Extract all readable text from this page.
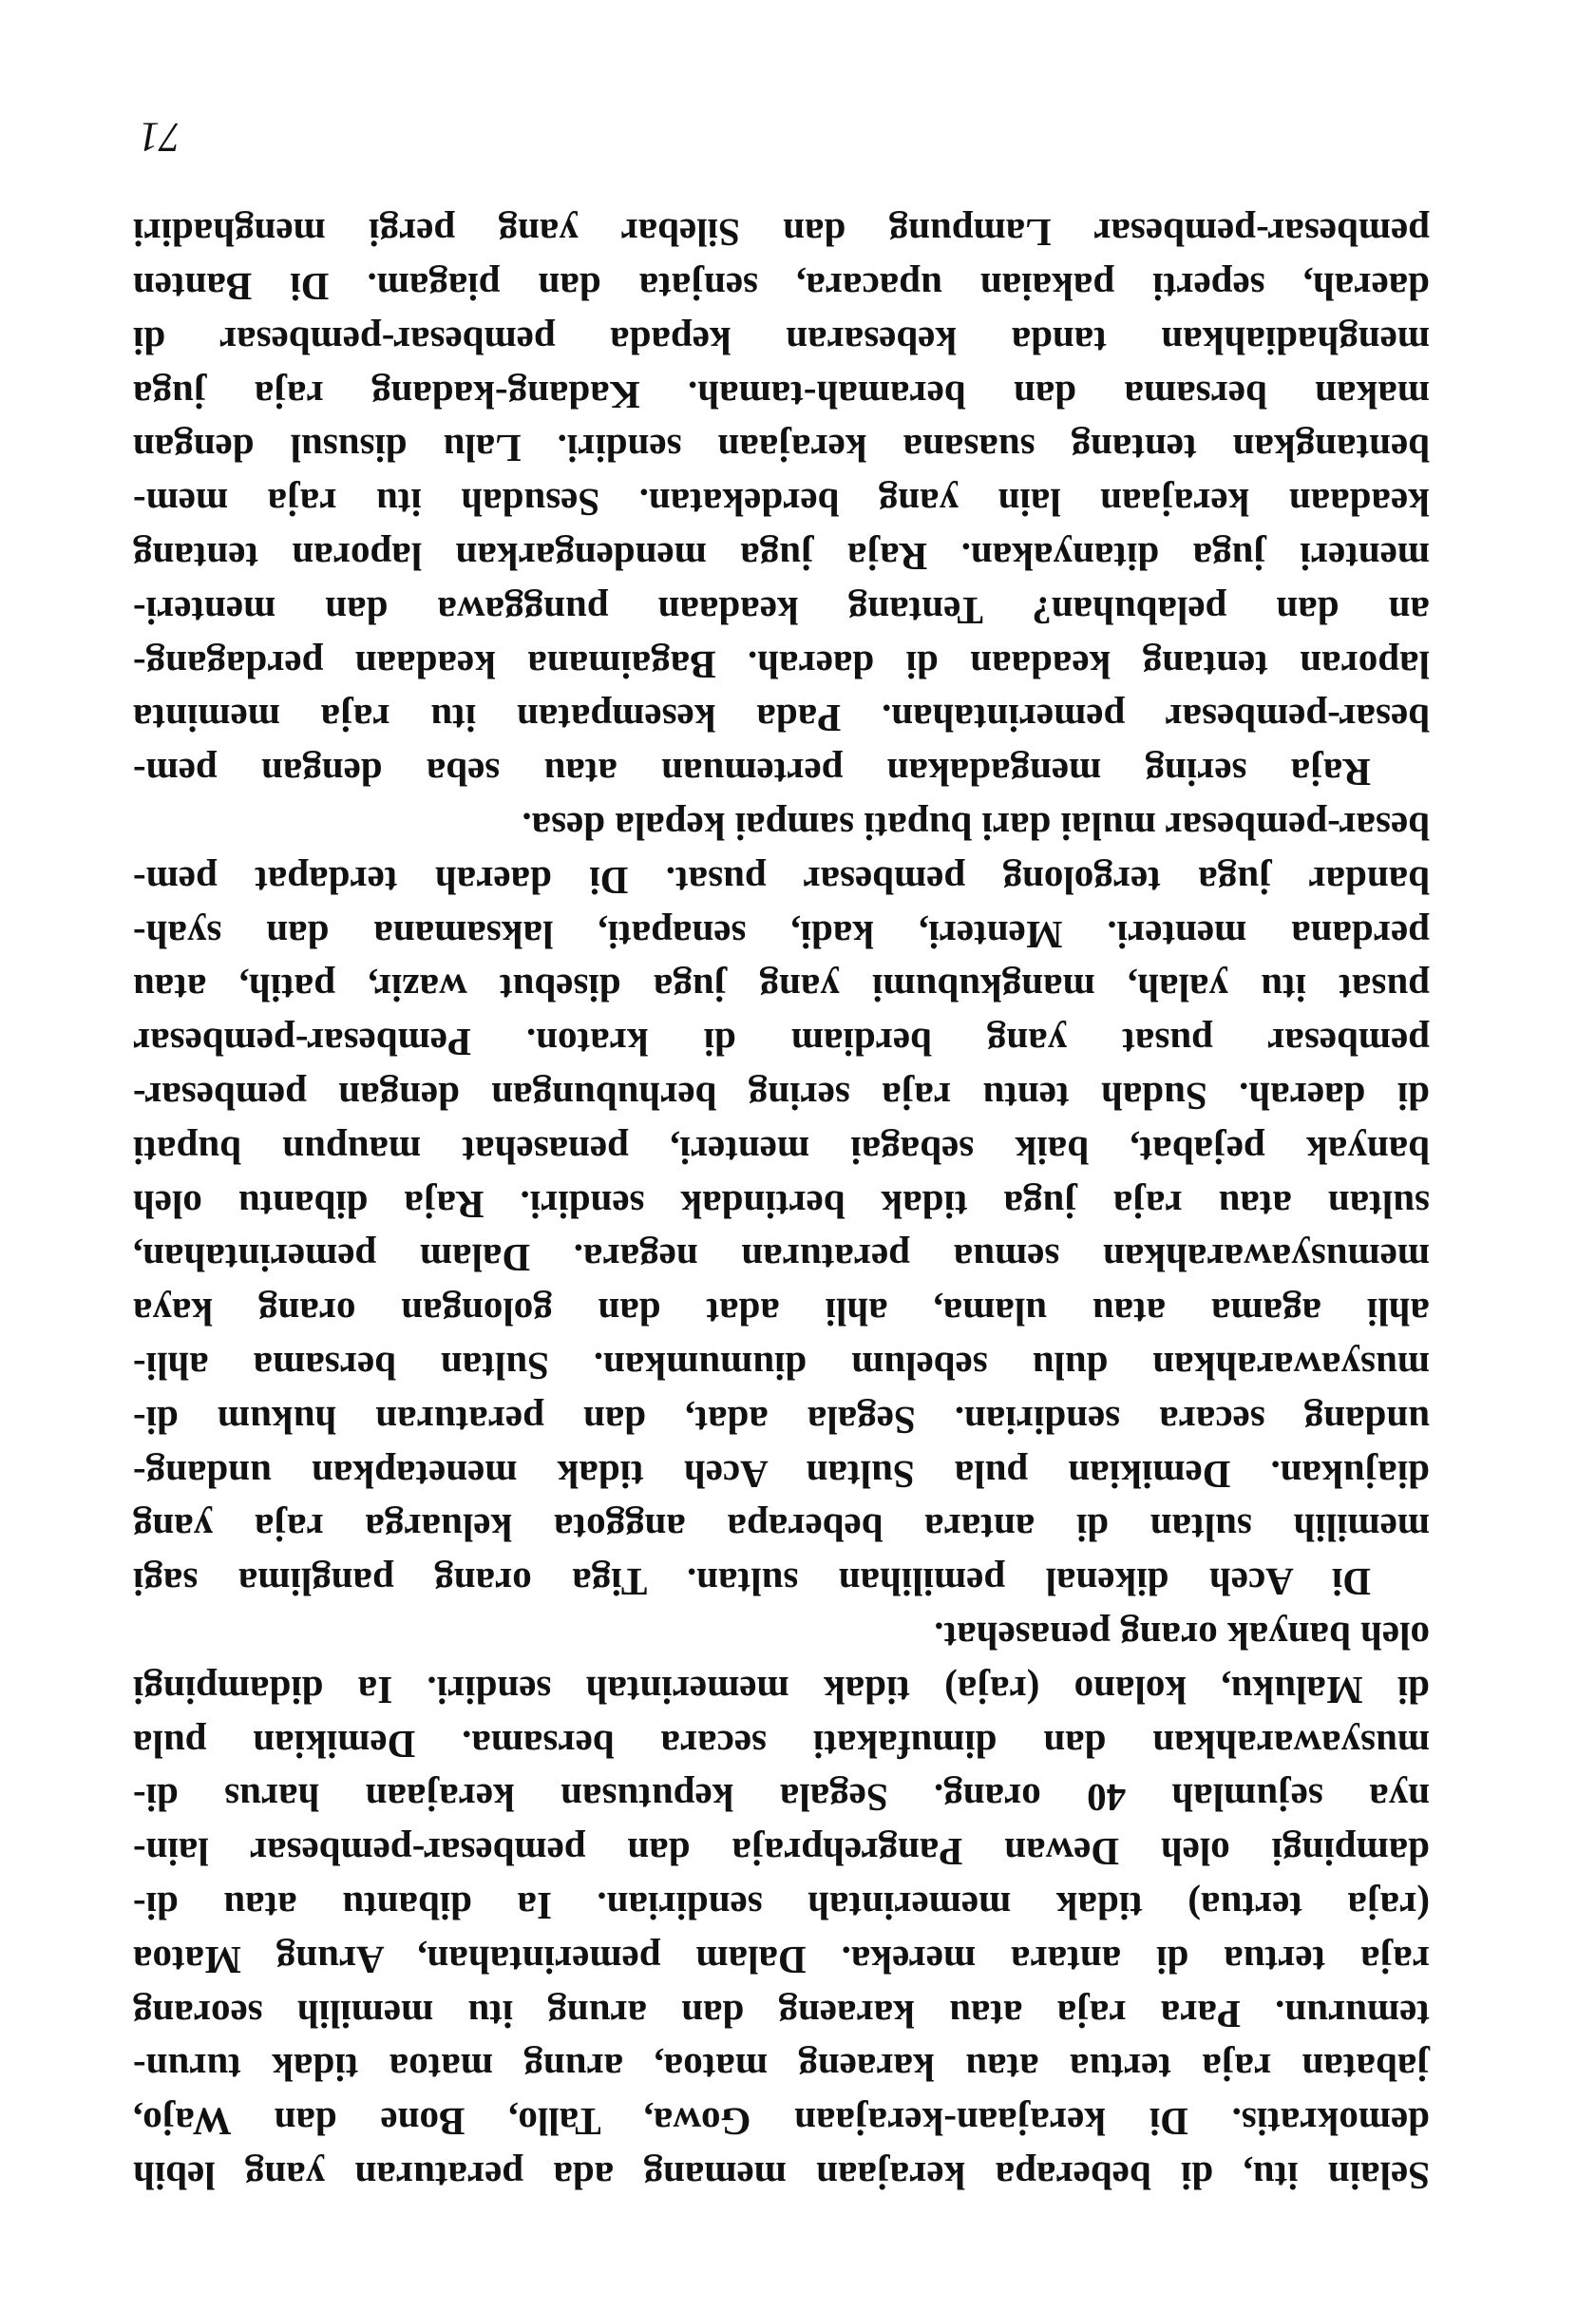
Selain itu, di beberapa kerajaan memang ada peraturan yang lebih
demokratis. Di kerajaan-kerajaan Gowa, Tallo, Bone dan Wajo,
jabatan raja tertua atau karaeng matoa, arung matoa tidak turun-
temurun. Para raja atau karaeng dan arung itu memilih seorang
raja tertua di antara mereka. Dalam pemerintahan, Arung Matoa
(raja tertua) tidak memerintah sendirian. Ia dibantu atau di-
dampingi oleh Dewan Pangrehpraja dan pembesar-pembesar lain-
nya sejumlah 40 orang. Segala keputusan kerajaan harus di-
musyawarahkan dan dimufakati secara bersama. Demikian pula
di Maluku, kolano (raja) tidak memerintah sendiri. Ia didampingi
oleh banyak orang penasehat.
Di Aceh dikenal pemilihan sultan. Tiga orang panglima sagi
memilih sultan di antara beberapa anggota keluarga raja yang
diajukan. Demikian pula Sultan Aceh tidak menetapkan undang-
undang secara sendirian. Segala adat, dan peraturan hukum di-
musyawarahkan dulu sebelum diumumkan. Sultan bersama ahli-
ahli agama atau ulama, ahli adat dan golongan orang kaya
memusyawarahkan semua peraturan negara. Dalam pemerintahan,
sultan atau raja juga tidak bertindak sendiri. Raja dibantu oleh
banyak pejabat, baik sebagai menteri, penasehat maupun bupati
di daerah. Sudah tentu raja sering berhubungan dengan pembesar-
pembesar pusat yang berdiam di kraton. Pembesar-pembesar
pusat itu yalah, mangkubumi yang juga disebut wazir, patih, atau
perdana menteri. Menteri, kadi, senapati, laksamana dan syah-
bandar juga tergolong pembesar pusat. Di daerah terdapat pem-
besar-pembesar mulai dari bupati sampai kepala desa.
Raja sering mengadakan pertemuan atau seba dengan pem-
besar-pembesar pemerintahan. Pada kesempatan itu raja meminta
laporan tentang keadaan di daerah. Bagaimana keadaan perdagang-
an dan pelabuhan? Tentang keadaan punggawa dan menteri-
menteri juga ditanyakan. Raja juga mendengarkan laporan tentang
keadaan kerajaan lain yang berdekatan. Sesudah itu raja mem-
bentangkan tentang suasana kerajaan sendiri. Lalu disusul dengan
makan bersama dan beramah-tamah. Kadang-kadang raja juga
menghadiahkan tanda kebesaran kepada pembesar-pembesar di
daerah, seperti pakaian upacara, senjata dan piagam. Di Banten
pembesar-pembesar Lampung dan Silebar yang pergi menghadiri
71
